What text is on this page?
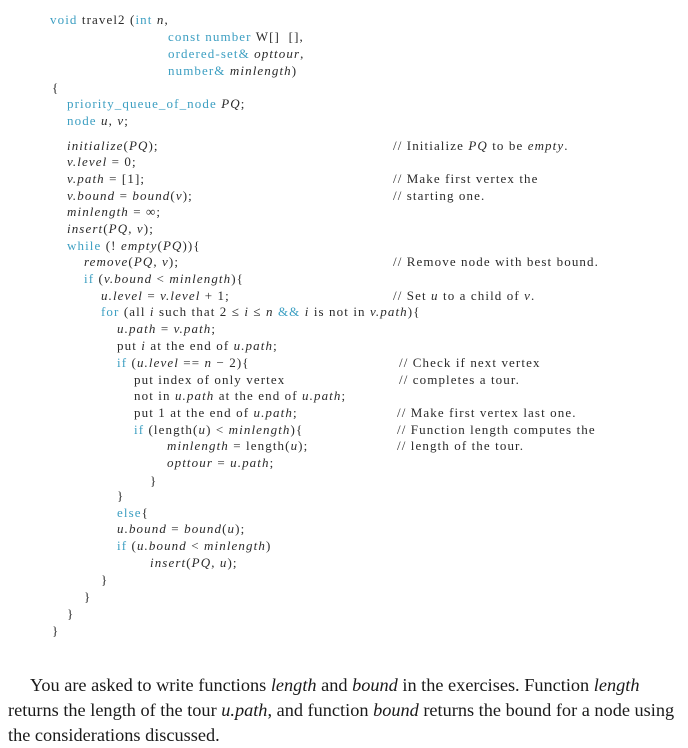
void travel2 (int n,
const number W[]  [],
ordered-set& opttour,
number& minlength)
{
priority_queue_of_node PQ;
node u, v;
initialize(PQ);	// Initialize PQ to be empty.
v.level = 0;
v.path = [1];	// Make first vertex the
v.bound = bound(v);	// starting one.
minlength = ∞;
insert(PQ, v);
while (! empty(PQ)){
remove(PQ, v);	// Remove node with best bound.
if (v.bound < minlength){
u.level = v.level + 1;	// Set u to a child of v.
for (all i such that 2 ≤ i ≤ n && i is not in v.path){
u.path = v.path;
put i at the end of u.path;
if (u.level == n − 2){	// Check if next vertex
put index of only vertex	// completes a tour.
not in u.path at the end of u.path;
put 1 at the end of u.path;	// Make first vertex last one.
if (length(u) < minlength){	// Function length computes the
minlength = length(u);	// length of the tour.
opttour = u.path;
}
}
else{
u.bound = bound(u);
if (u.bound < minlength)
insert(PQ, u);
}
}
}
}

You are asked to write functions length and bound in the exercises. Function length returns the length of the tour u.path, and function bound returns the bound for a node using the considerations discussed.
